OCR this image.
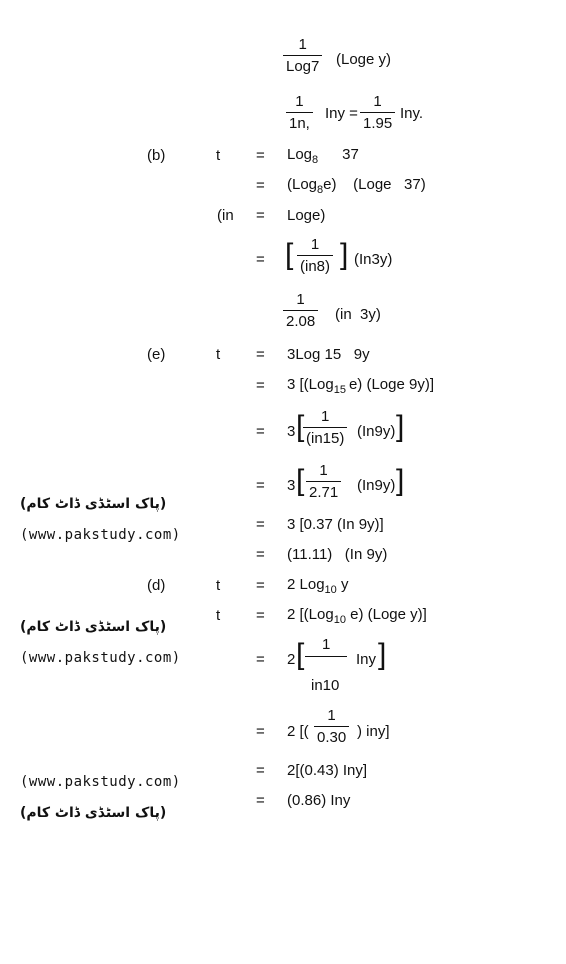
1
Log7 (Loge y)
$\frac{1}{1n,}$ Iny = $\frac{1}{1.95}$ Iny.
(b)	t = Log$_8$ 37
= (Log$_8$e)    (Loge   37)
(in = Loge)
= [ $\frac{1}{(in8)}$ ] (In3y)
$\frac{1}{2.08} (in$  3y)
(e)	t = 3Log 15   9y
= 3 [(Log$_{15}$ e) (Loge 9y)]
= 3 [
$\frac{1}{(in15)} (In9y)$ ]
= 3 [ $\frac{1}{2.71} (In9y)$ ]
= 3 [0.37 (In 9y)]
= (11.11)   (In 9y)
(d)	t = 2 Log$_{10}$ y
t = 2 [(Log$_{10}$ e) (Loge y)]
= 2 [ 1
Iny ]
in10
= 2 [( $\frac{1}{0.30}$ ) iny]
= 2[(0.43) Iny]
= (0.86) Iny
(پاک اسٹڈی ڈاٹ کام)
(www.pakstudy.com)
(پاک اسٹڈی ڈاٹ کام)
(www.pakstudy.com)
(www.pakstudy.com)
(پاک اسٹڈی ڈاٹ کام)
